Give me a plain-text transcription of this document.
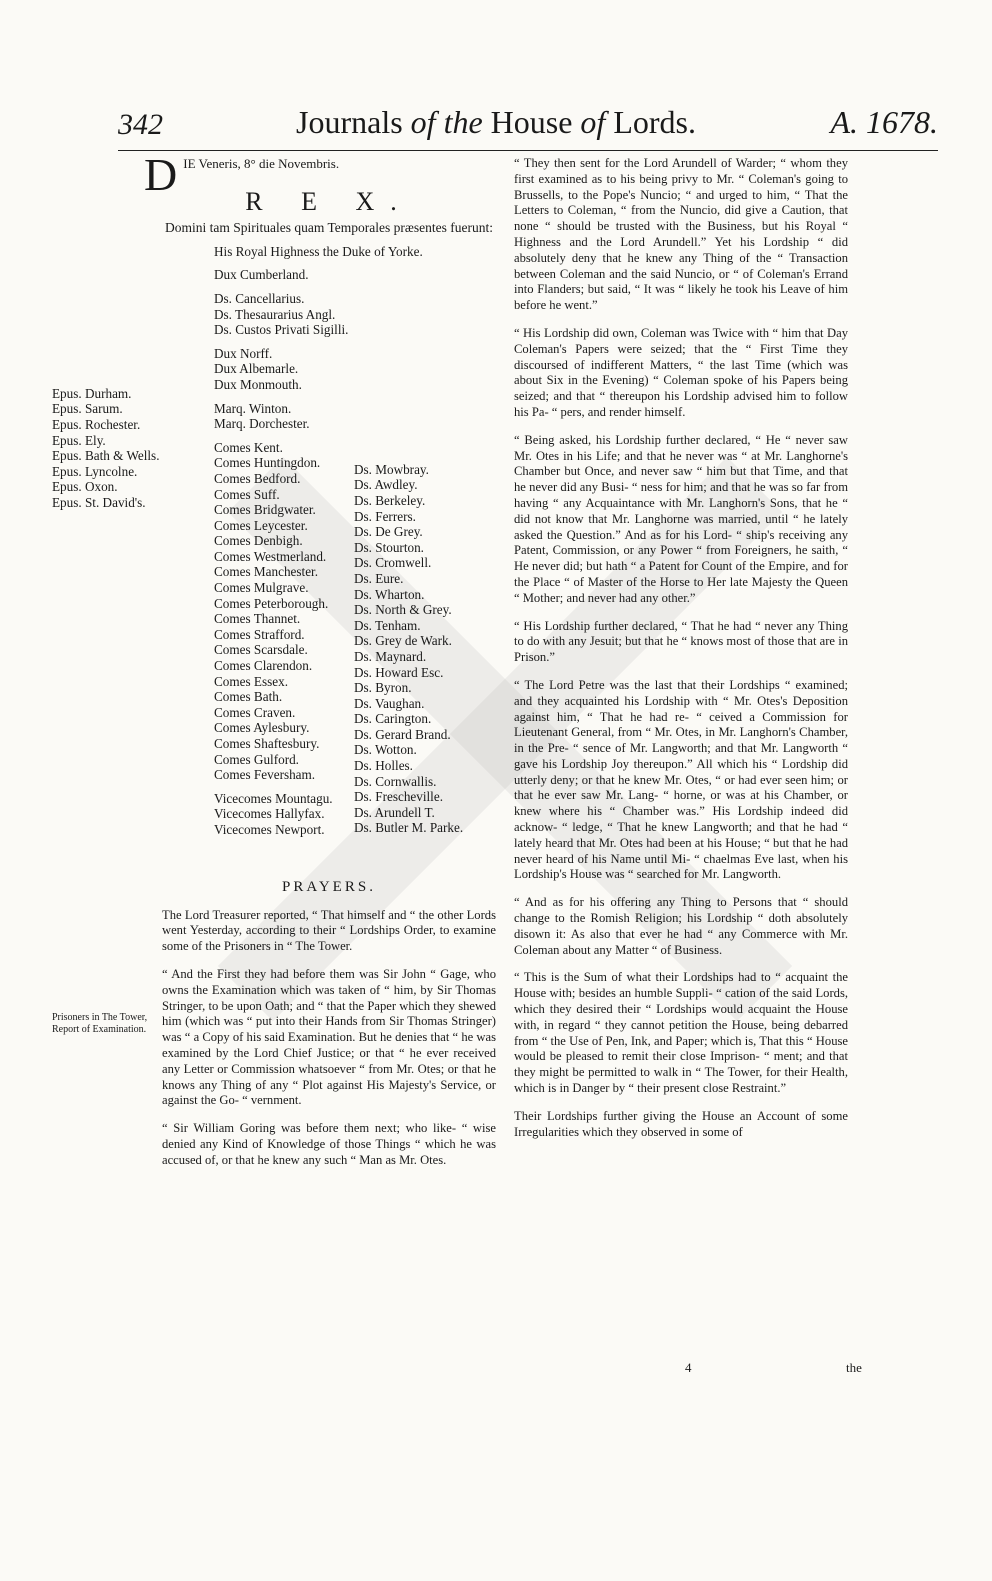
342	Journals of the House of Lords.	A. 1678.
D IE Veneris, 8° die Novembris.
R E X.
Domini tam Spirituales quam Temporales præsentes fuerunt:
Epus. Durham.
Epus. Sarum.
Epus. Rochester.
Epus. Ely.
Epus. Bath & Wells.
Epus. Lyncolne.
Epus. Oxon.
Epus. St. David's.
His Royal Highness the Duke of Yorke.
Dux Cumberland.
Ds. Cancellarius.
Ds. Thesaurarius Angl.
Ds. Custos Privati Sigilli.
Dux Norff.
Dux Albemarle.
Dux Monmouth.
Marq. Winton.
Marq. Dorchester.
Comes Kent.
Comes Huntingdon.
Comes Bedford.
Comes Suff.
Comes Bridgwater.
Comes Leycester.
Comes Denbigh.
Comes Westmerland.
Comes Manchester.
Comes Mulgrave.
Comes Peterborough.
Comes Thannet.
Comes Strafford.
Comes Scarsdale.
Comes Clarendon.
Comes Essex.
Comes Bath.
Comes Craven.
Comes Aylesbury.
Comes Shaftesbury.
Comes Gulford.
Comes Feversham.
Vicecomes Mountagu.
Vicecomes Hallyfax.
Vicecomes Newport.
Ds. Mowbray.
Ds. Awdley.
Ds. Berkeley.
Ds. Ferrers.
Ds. De Grey.
Ds. Stourton.
Ds. Cromwell.
Ds. Eure.
Ds. Wharton.
Ds. North & Grey.
Ds. Tenham.
Ds. Grey de Wark.
Ds. Maynard.
Ds. Howard Esc.
Ds. Byron.
Ds. Vaughan.
Ds. Carington.
Ds. Gerard Brand.
Ds. Wotton.
Ds. Holles.
Ds. Cornwallis.
Ds. Frescheville.
Ds. Arundell T.
Ds. Butler M. Parke.
PRAYERS.

The Lord Treasurer reported, “ That himself and “ the other Lords went Yesterday, according to their “ Lordships Order, to examine some of the Prisoners in “ The Tower.

“ And the First they had before them was Sir John “ Gage, who owns the Examination which was taken of “ him, by Sir Thomas Stringer, to be upon Oath; and “ that the Paper which they shewed him (which was “ put into their Hands from Sir Thomas Stringer) was “ a Copy of his said Examination. But he denies that “ he was examined by the Lord Chief Justice; or that “ he ever received any Letter or Commission whatsoever “ from Mr. Otes; or that he knows any Thing of any “ Plot against His Majesty's Service, or against the Go- “ vernment.

“ Sir William Goring was before them next; who like- “ wise denied any Kind of Knowledge of those Things “ which he was accused of, or that he knew any such “ Man as Mr. Otes.

Prisoners in The Tower, Report of Examination.

“ They then sent for the Lord Arundell of Warder; “ whom they first examined as to his being privy to Mr. “ Coleman's going to Brussells, to the Pope's Nuncio; “ and urged to him, “ That the Letters to Coleman, “ from the Nuncio, did give a Caution, that none “ should be trusted with the Business, but his Royal “ Highness and the Lord Arundell.” Yet his Lordship “ did absolutely deny that he knew any Thing of the “ Transaction between Coleman and the said Nuncio, or “ of Coleman's Errand into Flanders; but said, “ It was “ likely he took his Leave of him before he went.”

“ His Lordship did own, Coleman was Twice with “ him that Day Coleman's Papers were seized; that the “ First Time they discoursed of indifferent Matters, “ the last Time (which was about Six in the Evening) “ Coleman spoke of his Papers being seized; and that “ thereupon his Lordship advised him to follow his Pa- “ pers, and render himself.

“ Being asked, his Lordship further declared, “ He “ never saw Mr. Otes in his Life; and that he never was “ at Mr. Langhorne's Chamber but Once, and never saw “ him but that Time, and that he never did any Busi- “ ness for him; and that he was so far from having “ any Acquaintance with Mr. Langhorn's Sons, that he “ did not know that Mr. Langhorne was married, until “ he lately asked the Question.” And as for his Lord- “ ship's receiving any Patent, Commission, or any Power “ from Foreigners, he saith, “ He never did; but hath “ a Patent for Count of the Empire, and for the Place “ of Master of the Horse to Her late Majesty the Queen “ Mother; and never had any other.”

“ His Lordship further declared, “ That he had “ never any Thing to do with any Jesuit; but that he “ knows most of those that are in Prison.”

“ The Lord Petre was the last that their Lordships “ examined; and they acquainted his Lordship with “ Mr. Otes's Deposition against him, “ That he had re- “ ceived a Commission for Lieutenant General, from “ Mr. Otes, in Mr. Langhorn's Chamber, in the Pre- “ sence of Mr. Langworth; and that Mr. Langworth “ gave his Lordship Joy thereupon.” All which his “ Lordship did utterly deny; or that he knew Mr. Otes, “ or had ever seen him; or that he ever saw Mr. Lang- “ horne, or was at his Chamber, or knew where his “ Chamber was.” His Lordship indeed did acknow- “ ledge, “ That he knew Langworth; and that he had “ lately heard that Mr. Otes had been at his House; “ but that he had never heard of his Name until Mi- “ chaelmas Eve last, when his Lordship's House was “ searched for Mr. Langworth.

“ And as for his offering any Thing to Persons that “ should change to the Romish Religion; his Lordship “ doth absolutely disown it: As also that ever he had “ any Commerce with Mr. Coleman about any Matter “ of Business.

“ This is the Sum of what their Lordships had to “ acquaint the House with; besides an humble Suppli- “ cation of the said Lords, which they desired their “ Lordships would acquaint the House with, in regard “ they cannot petition the House, being debarred from “ the Use of Pen, Ink, and Paper; which is, That this “ House would be pleased to remit their close Imprison- “ ment; and that they might be permitted to walk in “ The Tower, for their Health, which is in Danger by “ their present close Restraint.”

Their Lordships further giving the House an Account of some Irregularities which they observed in some of

4	the
